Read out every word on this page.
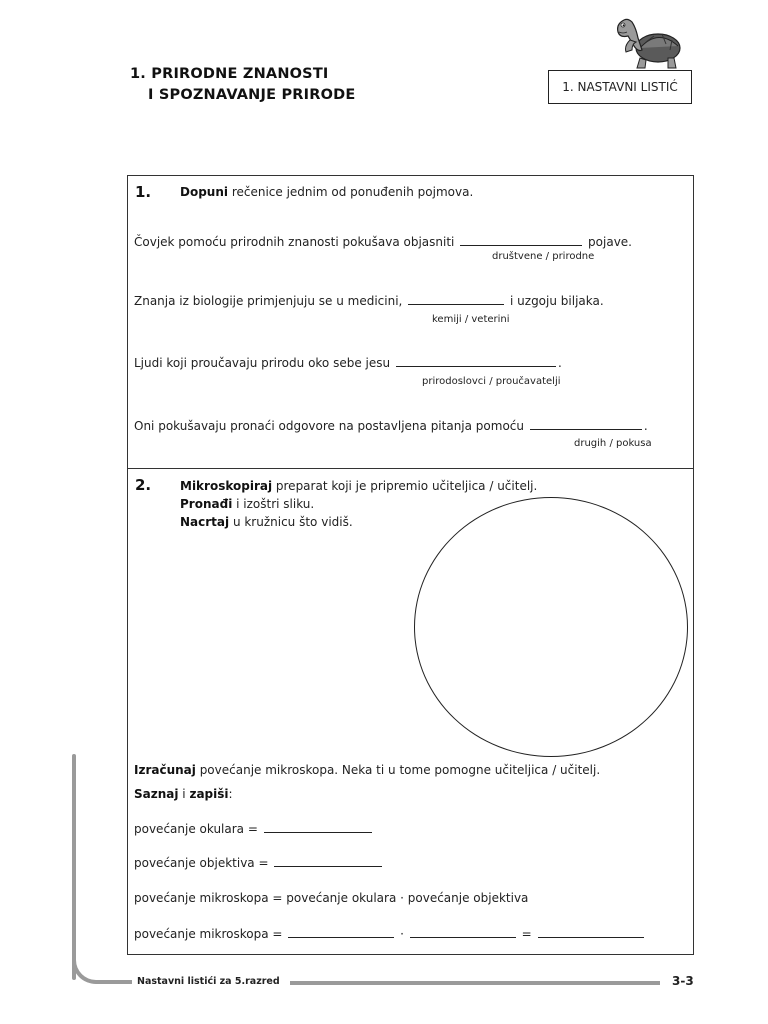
1. PRIRODNE ZNANOSTI
I SPOZNAVANJE PRIRODE	1. NASTAVNI LISTIĆ
1. Dopuni rečenice jednim od ponuđenih pojmova.
Čovjek pomoću prirodnih znanosti pokušava objasniti	pojave.
društvene / prirodne
Znanja iz biologije primjenjuju se u medicini,	i uzgoju biljaka.
kemiji / veterini
Ljudi koji proučavaju prirodu oko sebe jesu	.
prirodoslovci / proučavatelji
Oni pokušavaju pronaći odgovore na postavljena pitanja pomoću	.
drugih / pokusa
2. Mikroskopiraj preparat koji je pripremio učiteljica / učitelj.
Pronađi i izoštri sliku.
Nacrtaj u kružnicu što vidiš.
Izračunaj povećanje mikroskopa. Neka ti u tome pomogne učiteljica / učitelj.
Saznaj i zapiši:
povećanje okulara =
povećanje objektiva =
povećanje mikroskopa = povećanje okulara · povećanje objektiva
povećanje mikroskopa =	·	=
Nastavni listići za 5.razred	3-3
